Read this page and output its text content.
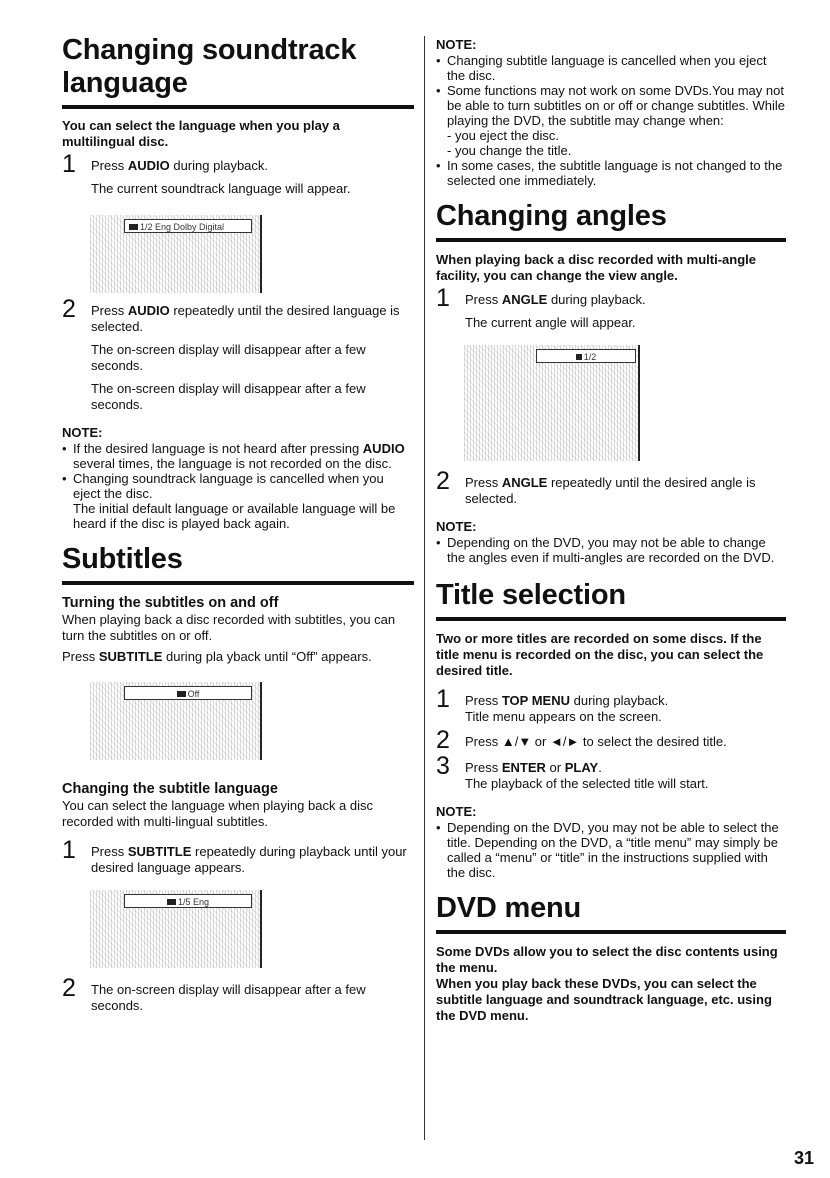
Changing soundtrack language
You can select the language when you play a multilingual disc.
1 Press AUDIO during playback.

The current soundtrack language will appear.

1/2 Eng Dolby Digital
2 Press AUDIO repeatedly until the desired language is selected.

The on-screen display will disappear after a few seconds.

The on-screen display will disappear after a few seconds.

NOTE:
• If the desired language is not heard after pressing AUDIO several times, the language is not recorded on the disc.
• Changing soundtrack language is cancelled when you eject the disc.
The initial default language or available language will be heard if the disc is played back again.
Subtitles
Turning the subtitles on and off

When playing back a disc recorded with subtitles, you can turn the subtitles on or off.

Press SUBTITLE during pla yback until “Off” appears.

Off
Changing the subtitle language

You can select the language when playing back a disc recorded with multi-lingual subtitles.

1 Press SUBTITLE repeatedly during playback until your desired language appears.

1/5 Eng
2 The on-screen display will disappear after a few seconds.

NOTE:
• Changing subtitle language is cancelled when you eject the disc.
• Some functions may not work on some DVDs.You may not be able to turn subtitles on or off or change subtitles. While playing the DVD, the subtitle may change when:
- you eject the disc.
- you change the title.
• In some cases, the subtitle language is not changed to the selected one immediately.
Changing angles
When playing back a disc recorded with multi-angle facility, you can change the view angle.
1 Press ANGLE during playback.

The current angle will appear.

1/2
2 Press ANGLE repeatedly until the desired angle is selected.

NOTE:
• Depending on the DVD, you may not be able to change the angles even if multi-angles are recorded on the DVD.
Title selection
Two or more titles are recorded on some discs. If the title menu is recorded on the disc, you can select the desired title.
1 Press TOP MENU during playback.

Title menu appears on the screen.

2 Press ▲/▼ or ◄/► to select the desired title.

3 Press ENTER or PLAY.

The playback of the selected title will start.

NOTE:
• Depending on the DVD, you may not be able to select the title. Depending on the DVD, a “title menu” may simply be called a “menu” or “title” in the instructions supplied with the disc.
DVD menu
Some DVDs allow you to select the disc contents using the menu.
When you play back these DVDs, you can select the subtitle language and soundtrack language, etc. using the DVD menu.
31
